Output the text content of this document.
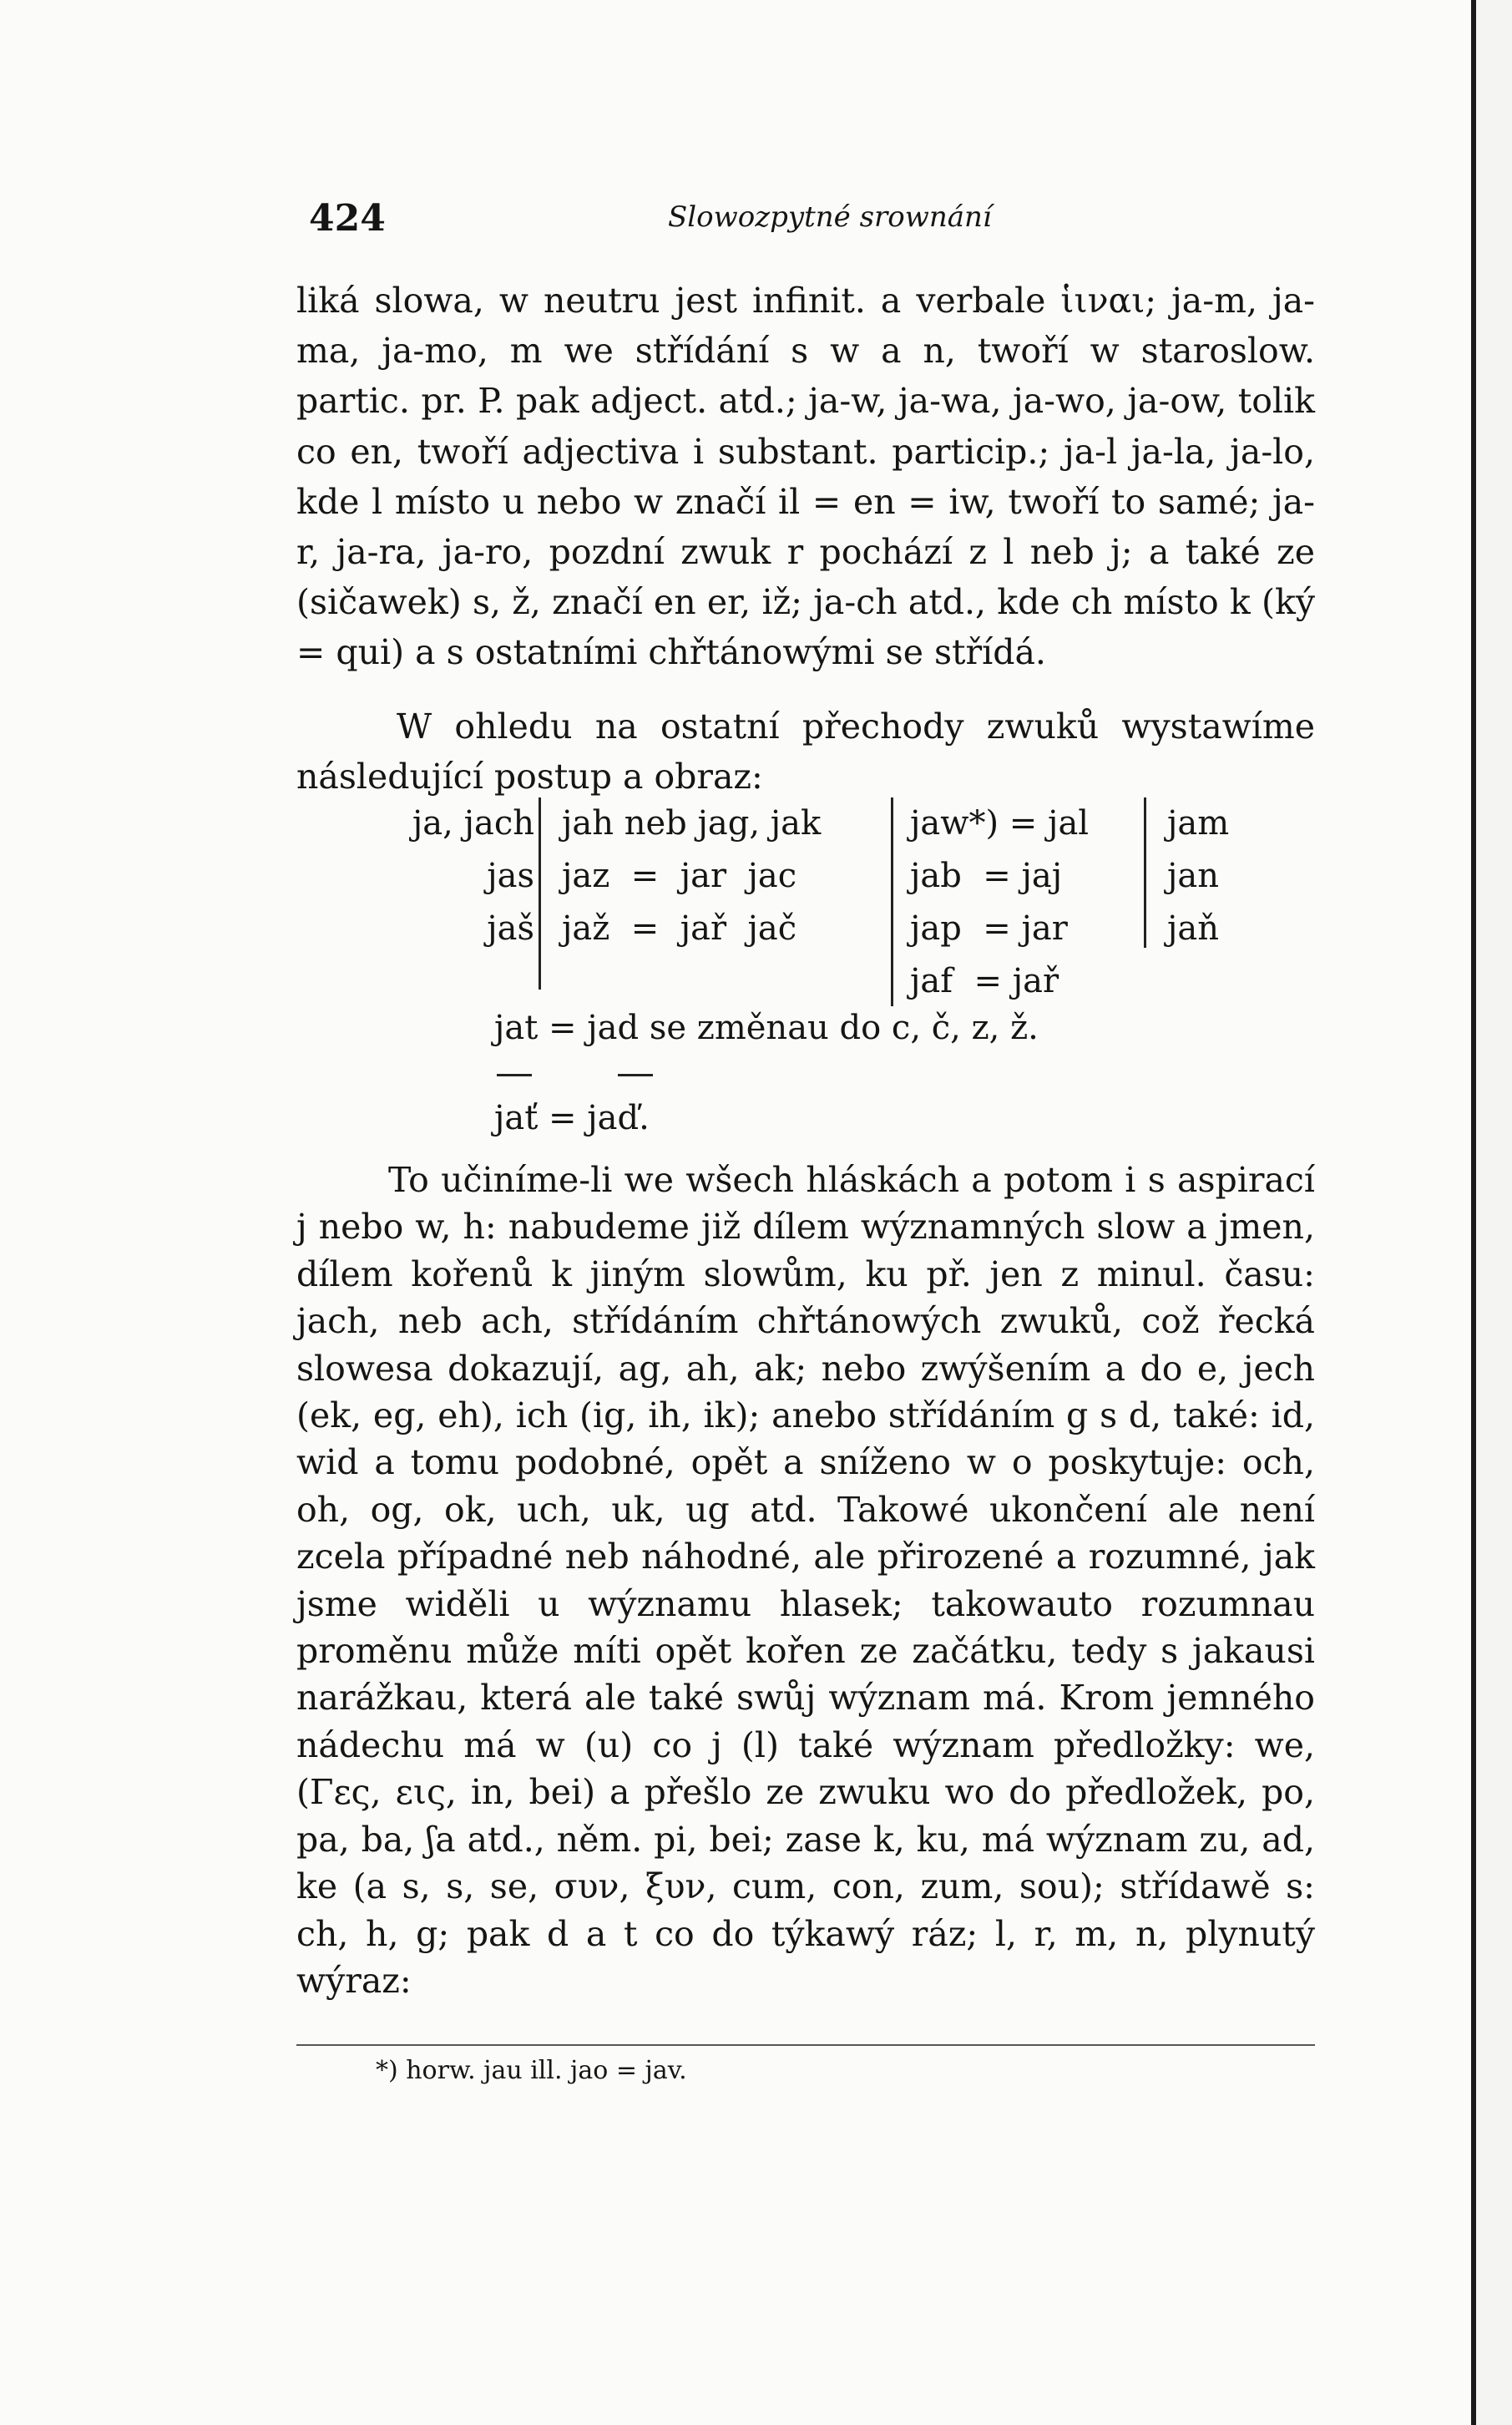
424	Slowozpytné srownání

liká slowa, w neutru jest infinit. a verbale ἱιναι; ja-m, ja-ma, ja-mo, m we střídání s w a n, twoří w staroslow. partic. pr. P. pak adject. atd.; ja-w, ja-wa, ja-wo, ja-ow, tolik co en, twoří adjectiva i substant. particip.; ja-l ja-la, ja-lo, kde l místo u nebo w značí il = en = iw, twoří to samé; ja-r, ja-ra, ja-ro, pozdní zwuk r pochází z l neb j; a také ze (sičawek) s, ž, značí en er, iž; ja-ch atd., kde ch místo k (ký = qui) a s ostatními chřtánowými se střídá.

W ohledu na ostatní přechody zwuků wystawíme následující postup a obraz:

ja, jach
jas
jaš
jah neb jag, jak
jaz  =  jar  jac
jaž  =  jař  jač
jaw*) = jal
jab  = jaj
jap  = jar
jaf  = jař
jam
jan
jaň
jat = jad se změnau do c, č, z, ž.
jať = jaď.

To učiníme-li we wšech hláskách a potom i s aspirací j nebo w, h: nabudeme již dílem wýznamných slow a jmen, dílem kořenů k jiným slowům, ku př. jen z minul. času: jach, neb ach, střídáním chřtánowých zwuků, což řecká slowesa dokazují, ag, ah, ak; nebo zwýšením a do e, jech (ek, eg, eh), ich (ig, ih, ik); anebo střídáním g s d, také: id, wid a tomu podobné, opět a sníženo w o poskytuje: och, oh, og, ok, uch, uk, ug atd. Takowé ukončení ale není zcela případné neb náhodné, ale přirozené a rozumné, jak jsme widěli u wýznamu hlasek; takowauto rozumnau proměnu může míti opět kořen ze začátku, tedy s jakausi narážkau, která ale také swůj wýznam má. Krom jemného nádechu má w (u) co j (l) také wýznam předložky: we, (Γες, εις, in, bei) a přešlo ze zwuku wo do předložek, po, pa, ba, ʃa atd., něm. pi, bei; zase k, ku, má wýznam zu, ad, ke (a s, s, se, συν, ξυν, cum, con, zum, sou); střídawě s: ch, h, g; pak d a t co do týkawý ráz; l, r, m, n, plynutý wýraz:

*) horw. jau ill. jao = jav.
